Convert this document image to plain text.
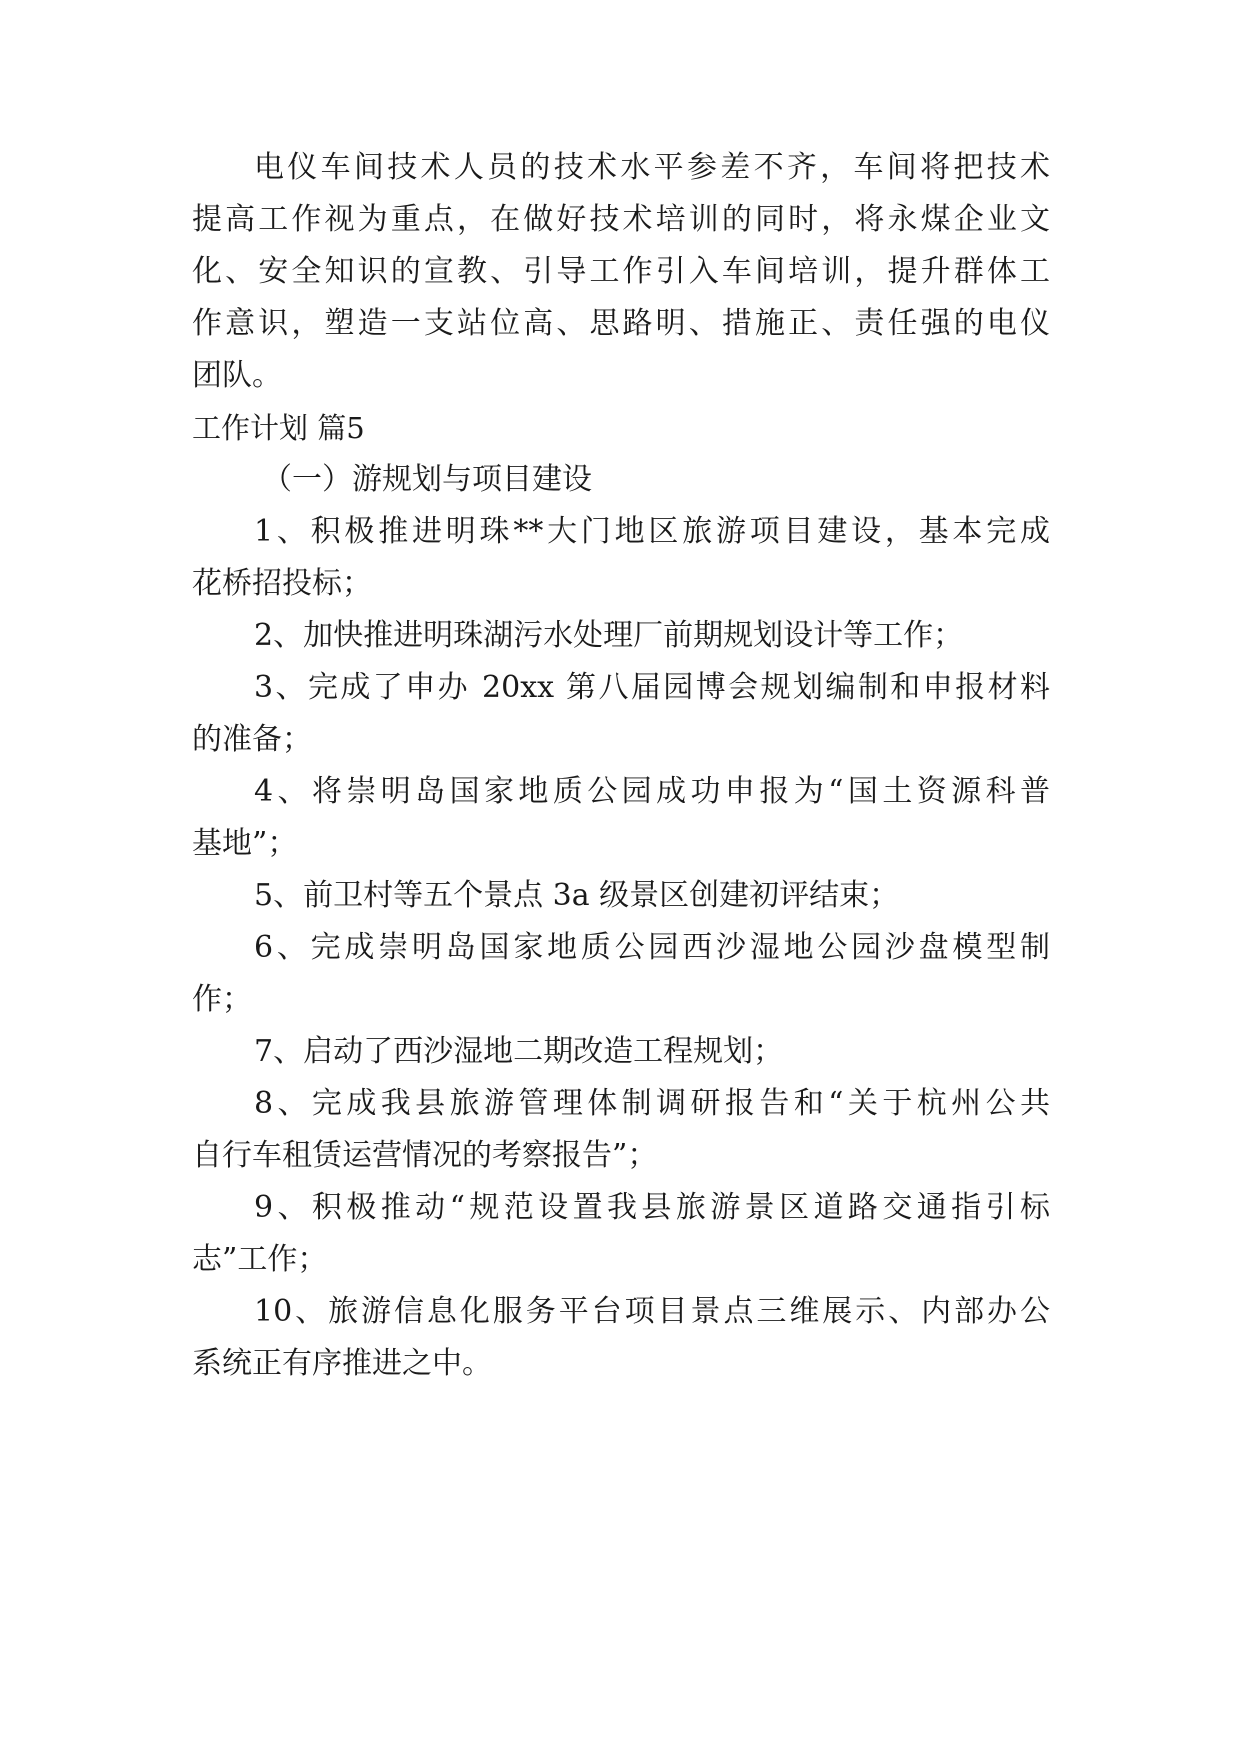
电仪车间技术人员的技术水平参差不齐，车间将把技术
提高工作视为重点，在做好技术培训的同时，将永煤企业文
化、安全知识的宣教、引导工作引入车间培训，提升群体工
作意识，塑造一支站位高、思路明、措施正、责任强的电仪
团队。
工作计划 篇5
（一）游规划与项目建设
1、积极推进明珠**大门地区旅游项目建设，基本完成
花桥招投标；
2、加快推进明珠湖污水处理厂前期规划设计等工作；
3、完成了申办 20xx 第八届园博会规划编制和申报材料
的准备；
4、将崇明岛国家地质公园成功申报为“国土资源科普
基地”；
5、前卫村等五个景点 3a 级景区创建初评结束；
6、完成崇明岛国家地质公园西沙湿地公园沙盘模型制
作；
7、启动了西沙湿地二期改造工程规划；
8、完成我县旅游管理体制调研报告和“关于杭州公共
自行车租赁运营情况的考察报告”；
9、积极推动“规范设置我县旅游景区道路交通指引标
志”工作；
10、旅游信息化服务平台项目景点三维展示、内部办公
系统正有序推进之中。
